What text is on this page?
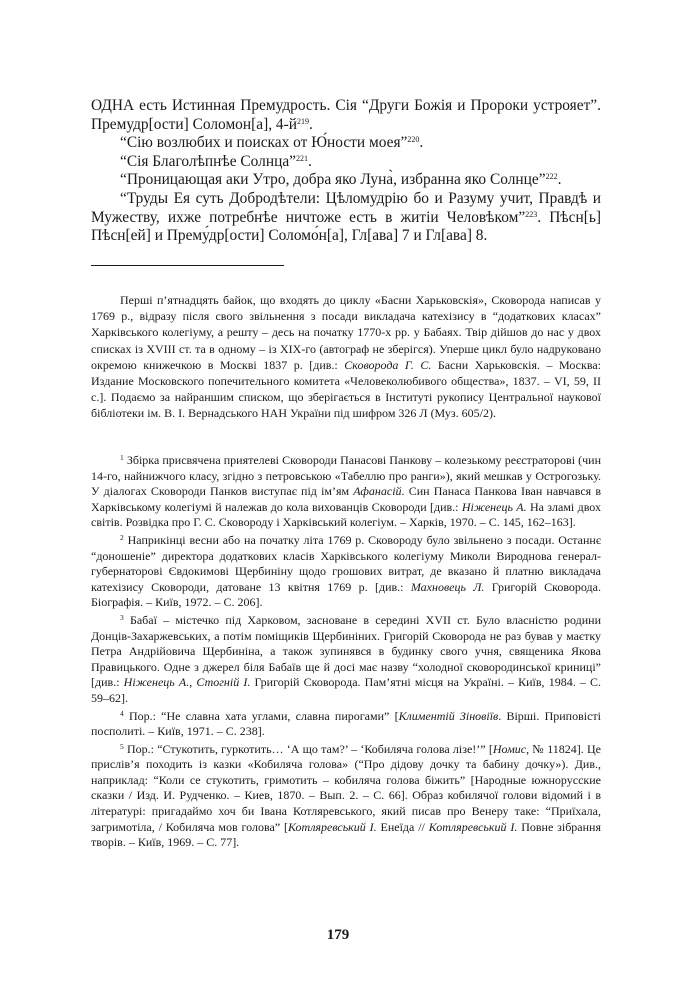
ОДНА есть Истинная Премудрость. Сія “Други Божія и Пророки устрояет”. Премудр[ости] Соломон[а], $4-й^{219}$.

“Сію возлюбих и поисках от Ю́ности моея”$^{220}$.

“Сія Благолѣпнѣе Солнца”$^{221}$.

“Проницающая аки Утро, добра яко Луна̀, избранна яко Солнце”$^{222}$.

“Труды Ея суть Добродѣтели: Цѣломудрію бо и Разуму учит, Правдѣ и Мужеству, ихже потребнѣе ничтоже есть в житіи Человѣком”$^{223}$. Пѣсн[ь] Пѣсн[ей] и Прему́др[ости] Соломо́н[а], Гл[ава] 7 и Гл[ава] 8.

Перші п’ятнадцять байок, що входять до циклу «Басни Харьковскія», Сковорода написав у 1769 р., відразу після свого звільнення з посади викладача катехізису в “додаткових класах” Харківського колегіуму, а решту – десь на початку 1770-х рр. у Бабаях. Твір дійшов до нас у двох списках із XVIII ст. та в одному – із ХІХ-го (автограф не зберігся). Уперше цикл було надруковано окремою книжечкою в Москві 1837 р. [див.: Сковорода Г. С. Басни Харьковскія. – Москва: Издание Московского попечительного комитета «Человеколюбивого общества», 1837. – VI, 59, ІІ с.]. Подаємо за найраншим списком, що зберігається в Інституті рукопису Центральної наукової бібліотеки ім. В. І. Вернадського НАН України під шифром 326 Л (Муз. 605/2).

$^1$ Збірка присвячена приятелеві Сковороди Панасові Панкову – колезькому реєстраторові (чин 14-го, найнижчого класу, згідно з петровською «Табеллю про ранги»), який мешкав у Острогозьку. У діалогах Сковороди Панков виступає під ім’ям Афанасій. Син Панаса Панкова Іван навчався в Харківському колегіумі й належав до кола вихованців Сковороди [див.: Ніженець А. На зламі двох світів. Розвідка про Г. С. Сковороду і Харківський колегіум. – Харків, 1970. – С. 145, 162–163].

$^2$ Наприкінці весни або на початку літа 1769 р. Сковороду було звільнено з посади. Останнє “доношеніе” директора додаткових класів Харківського колегіуму Миколи Вироднова генерал-губернаторові Євдокимові Щербиніну щодо грошових витрат, де вказано й платню викладача катехізису Сковороди, датоване 13 квітня 1769 р. [див.: Махновець Л. Григорій Сковорода. Біографія. – Київ, 1972. – С. 206].

$^3$ Бабаї – містечко під Харковом, засноване в середині XVII ст. Було власністю родини Донців-Захаржевських, а потім поміщиків Щербиніних. Григорій Сковорода не раз бував у маєтку Петра Андрійовича Щербиніна, а також зупинявся в будинку свого учня, священика Якова Правицького. Одне з джерел біля Бабаїв ще й досі має назву “холодної сковородинської криниці” [див.: Ніженець А., Стогній І. Григорій Сковорода. Пам’ятні місця на Україні. – Київ, 1984. – С. 59–62].

$^4$ Пор.: “Не славна хата углами, славна пирогами” [Климентій Зіновіїв. Вірші. Приповісті посполиті. – Київ, 1971. – С. 238].

$^5$ Пор.: “Стукотить, гуркотить… ‘А що там?’ – ‘Кобиляча голова лізе!’” [Номис, № 11824]. Це прислів’я походить із казки «Кобиляча голова» (“Про дідову дочку та бабину дочку»). Див., наприклад: “Коли се стукотить, гримотить – кобиляча голова біжить” [Народные южнорусские сказки / Изд. И. Рудченко. – Киев, 1870. – Вып. 2. – С. 66]. Образ кобилячої голови відомий і в літературі: пригадаймо хоч би Івана Котляревського, який писав про Венеру таке: “Приїхала, загримотіла, / Кобиляча мов голова” [Котляревський І. Енеїда // Котляревський І. Повне зібрання творів. – Київ, 1969. – С. 77].

179
